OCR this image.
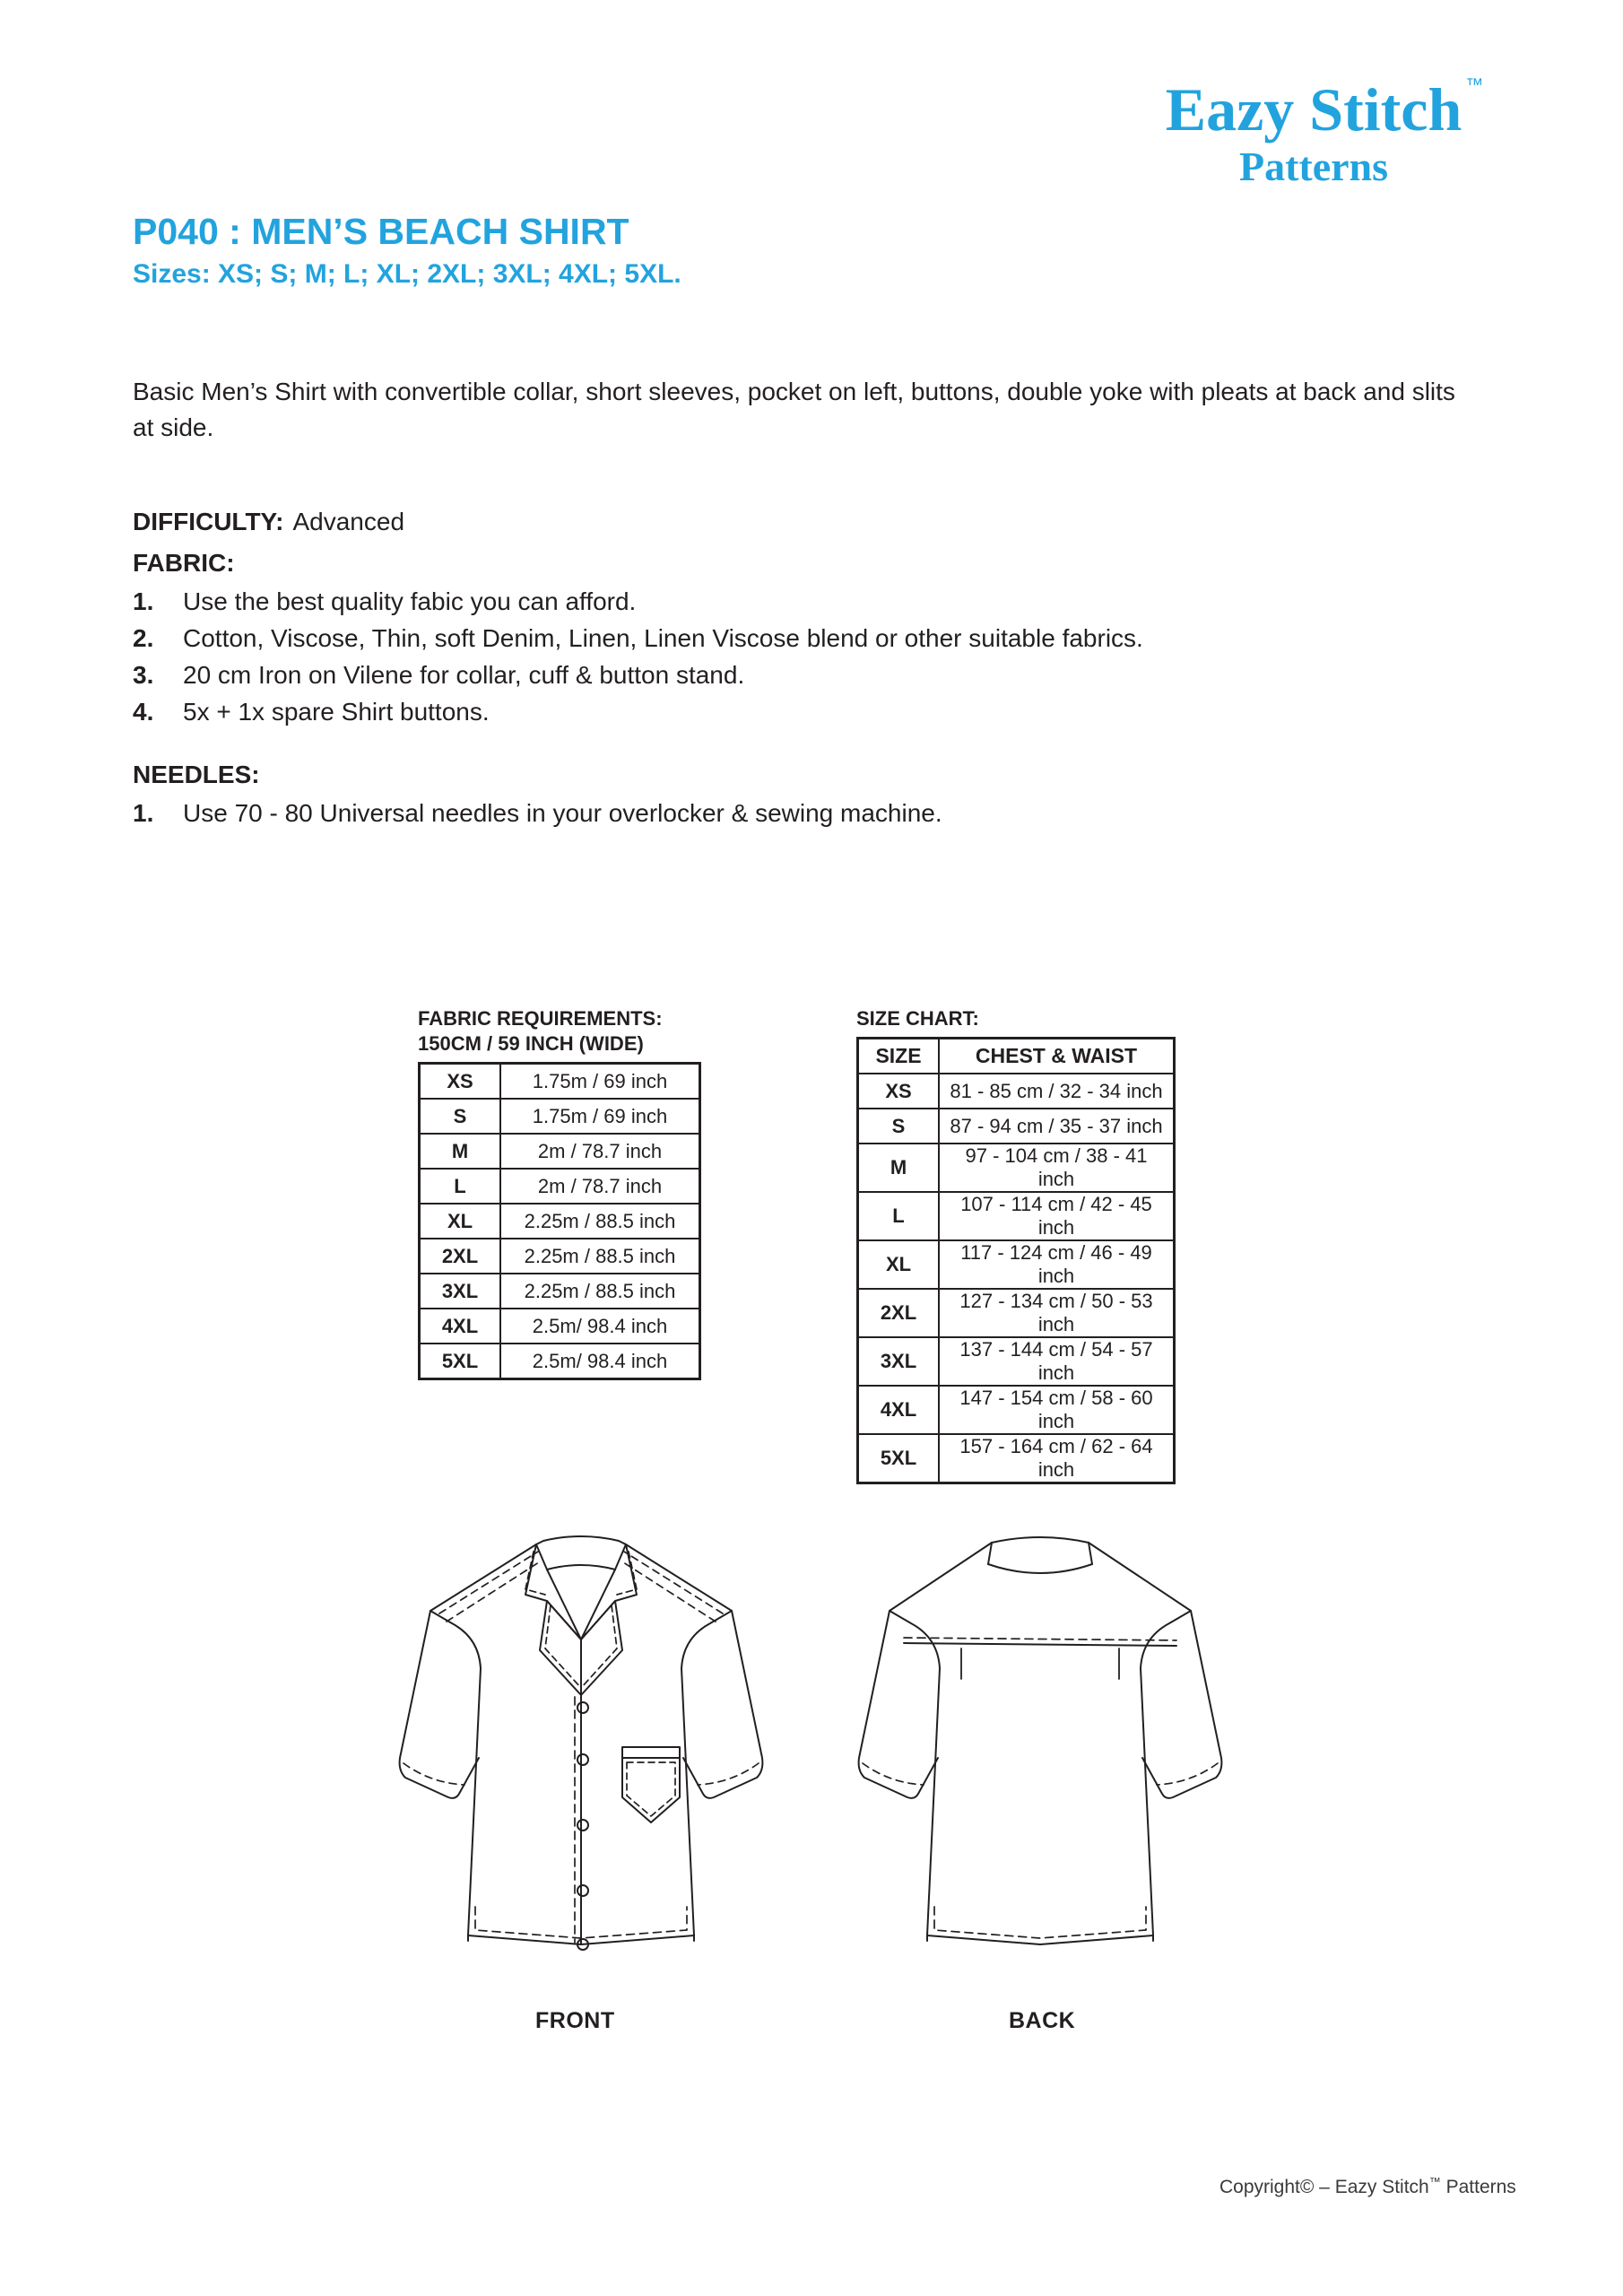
Eazy Stitch ™
Patterns
P040 : MEN’S BEACH SHIRT
Sizes: XS; S; M; L; XL; 2XL; 3XL; 4XL; 5XL.
Basic Men’s Shirt with convertible collar, short sleeves, pocket on left, buttons, double yoke with pleats at back and slits at side.
DIFFICULTY: Advanced
FABRIC:
Use the best quality fabic you can afford.
Cotton, Viscose, Thin, soft Denim, Linen, Linen Viscose blend or other suitable fabrics.
20 cm Iron on Vilene for collar, cuff & button stand.
5x + 1x spare Shirt buttons.
NEEDLES:
Use 70 - 80 Universal needles in your overlocker & sewing machine.
FABRIC REQUIREMENTS:
150CM / 59 INCH (WIDE)
XS	1.75m / 69 inch
S	1.75m / 69 inch
M	2m / 78.7 inch
L	2m / 78.7 inch
XL	2.25m / 88.5 inch
2XL	2.25m / 88.5 inch
3XL	2.25m / 88.5 inch
4XL	2.5m/ 98.4 inch
5XL	2.5m/ 98.4 inch
SIZE CHART:
SIZE	CHEST & WAIST
XS	81 - 85 cm / 32 - 34 inch
S	87 - 94 cm / 35 - 37 inch
M	97 - 104 cm / 38 - 41 inch
L	107 - 114 cm / 42 - 45 inch
XL	117 - 124 cm / 46 - 49 inch
2XL	127 - 134 cm / 50 - 53 inch
3XL	137 - 144 cm / 54 - 57 inch
4XL	147 - 154 cm / 58 - 60 inch
5XL	157 - 164 cm / 62 - 64 inch
FRONT	BACK
Copyright© – Eazy Stitch™ Patterns
